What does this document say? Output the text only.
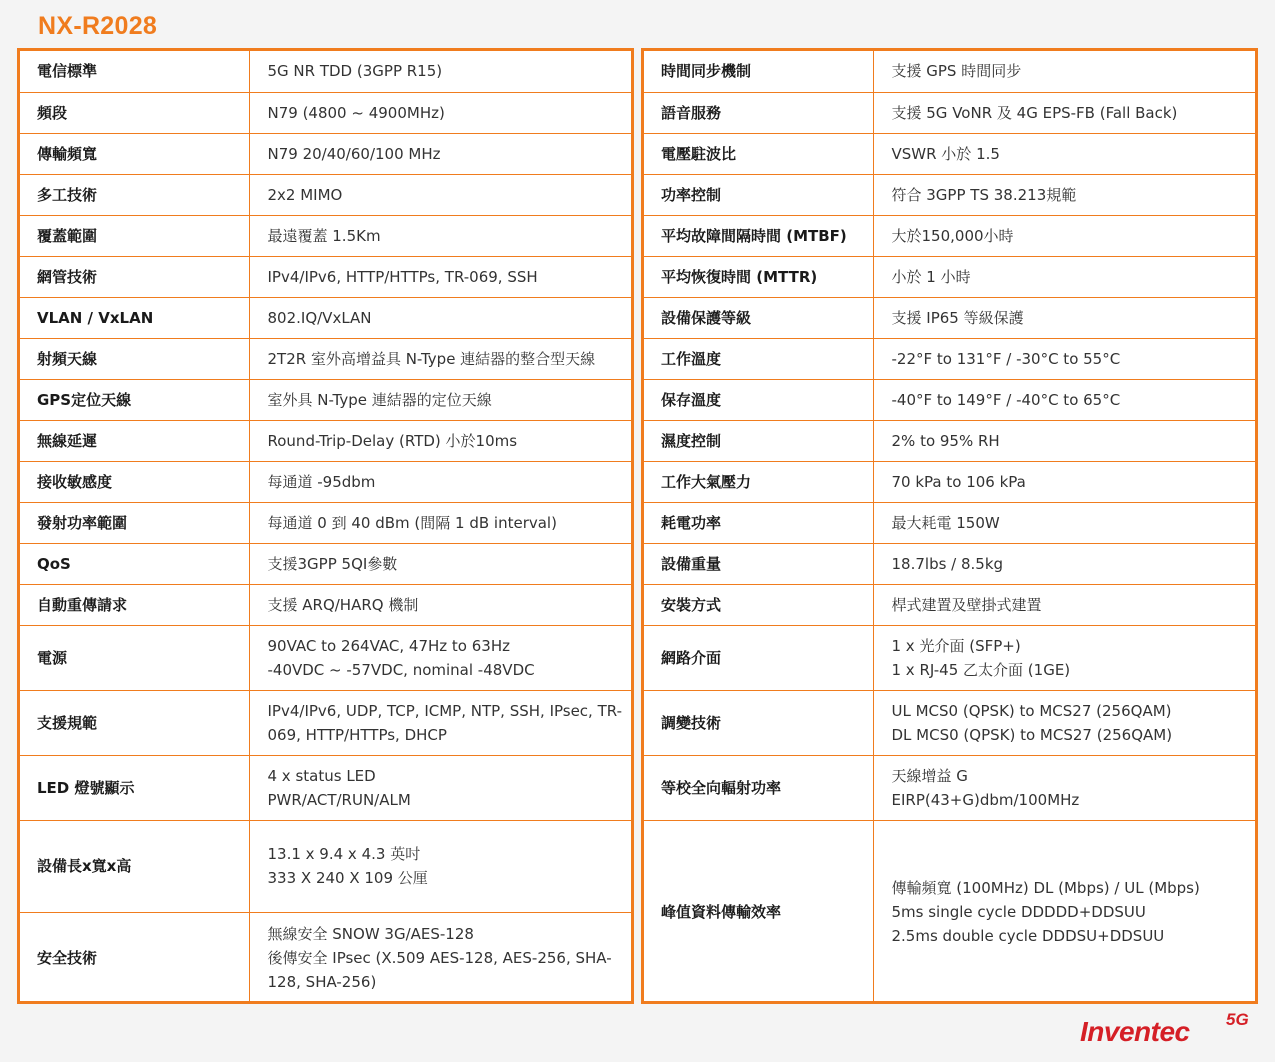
NX-R2028
電信標準	5G NR TDD (3GPP R15)
頻段	N79 (4800 ~ 4900MHz)
傳輸頻寬	N79 20/40/60/100 MHz
多工技術	2x2 MIMO
覆蓋範圍	最遠覆蓋 1.5Km
網管技術	IPv4/IPv6, HTTP/HTTPs, TR-069, SSH
VLAN / VxLAN	802.IQ/VxLAN
射頻天線	2T2R 室外高增益具 N-Type 連結器的整合型天線
GPS定位天線	室外具 N-Type 連結器的定位天線
無線延遲	Round-Trip-Delay (RTD) 小於10ms
接收敏感度	每通道 -95dbm
發射功率範圍	每通道 0 到 40 dBm (間隔 1 dB interval)
QoS	支援3GPP 5QI參數
自動重傳請求	支援 ARQ/HARQ 機制
電源	90VAC to 264VAC, 47Hz to 63Hz
-40VDC ~ -57VDC, nominal -48VDC
支援規範	IPv4/IPv6, UDP, TCP, ICMP, NTP, SSH, IPsec, TR-069, HTTP/HTTPs, DHCP
LED 燈號顯示	4 x status LED
PWR/ACT/RUN/ALM
設備長x寬x高	13.1 x 9.4 x 4.3 英吋
333 X 240 X 109 公厘
安全技術	無線安全 SNOW 3G/AES-128
後傳安全 IPsec (X.509 AES-128, AES-256, SHA-128, SHA-256)
時間同步機制	支援 GPS 時間同步
語音服務	支援 5G VoNR 及 4G EPS-FB (Fall Back)
電壓駐波比	VSWR 小於 1.5
功率控制	符合 3GPP TS 38.213規範
平均故障間隔時間 (MTBF)	大於150,000小時
平均恢復時間 (MTTR)	小於 1 小時
設備保護等級	支援 IP65 等級保護
工作溫度	-22°F to 131°F / -30°C to 55°C
保存溫度	-40°F to 149°F / -40°C to 65°C
濕度控制	2% to 95% RH
工作大氣壓力	70 kPa to 106 kPa
耗電功率	最大耗電 150W
設備重量	18.7lbs / 8.5kg
安裝方式	桿式建置及壁掛式建置
網路介面	1 x 光介面 (SFP+)
1 x RJ-45 乙太介面 (1GE)
調變技術	UL MCS0 (QPSK) to MCS27 (256QAM)
DL MCS0 (QPSK) to MCS27 (256QAM)
等校全向輻射功率	天線增益 G
EIRP(43+G)dbm/100MHz
峰值資料傳輸效率	傳輸頻寬 (100MHz) DL (Mbps) / UL (Mbps)
5ms single cycle DDDDD+DDSUU
2.5ms double cycle DDDSU+DDSUU
Inventec 5G
